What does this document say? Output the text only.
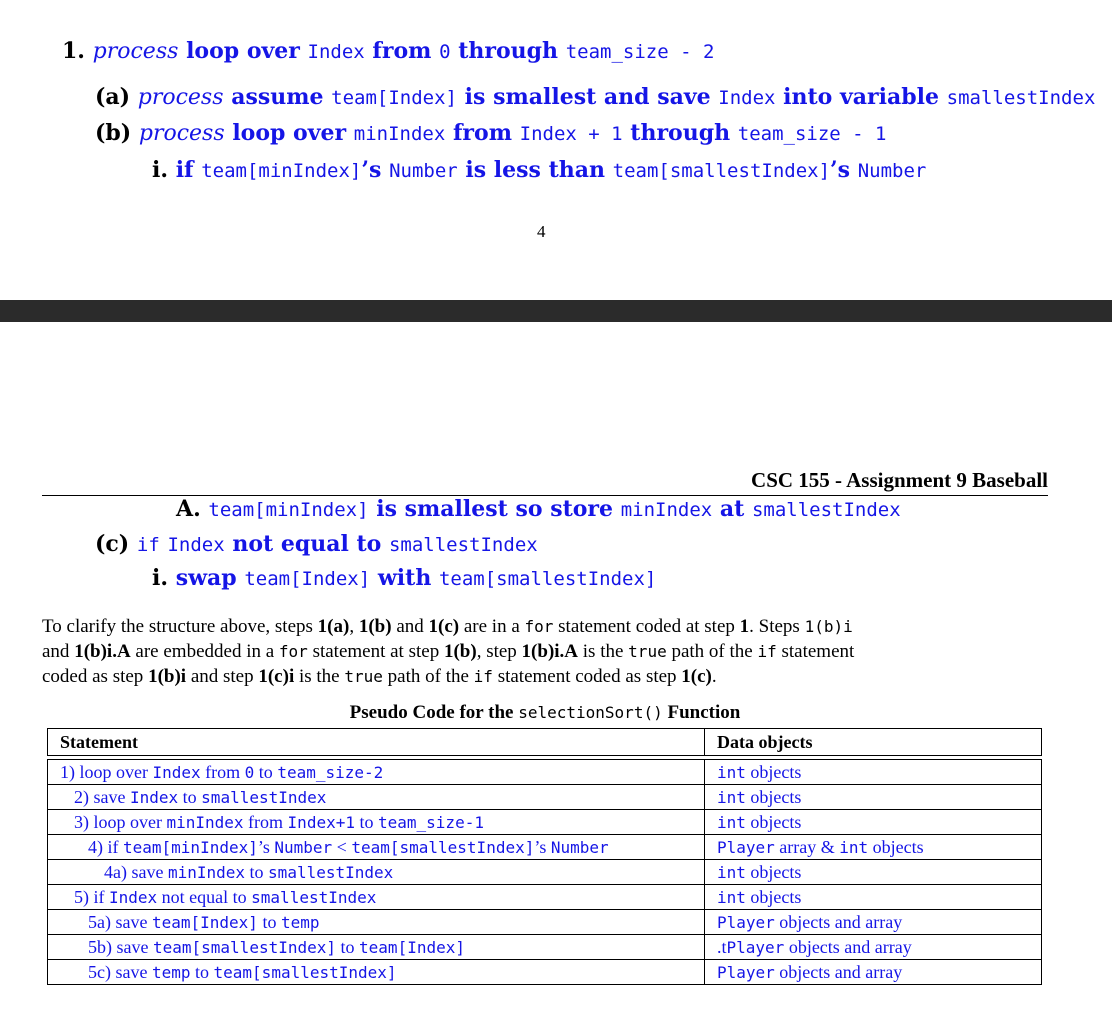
1. process loop over Index from 0 through team_size - 2
(a) process assume team[Index] is smallest and save Index into variable smallestIndex
(b) process loop over minIndex from Index + 1 through team_size - 1
i. if team[minIndex]’s Number is less than team[smallestIndex]’s Number
4
CSC 155 - Assignment 9 Baseball
A. team[minIndex] is smallest so store minIndex at smallestIndex
(c) if Index not equal to smallestIndex
i. swap team[Index] with team[smallestIndex]
To clarify the structure above, steps 1(a), 1(b) and 1(c) are in a for statement coded at step 1. Steps 1(b)i
and 1(b)i.A are embedded in a for statement at step 1(b), step 1(b)i.A is the true path of the if statement
coded as step 1(b)i and step 1(c)i is the true path of the if statement coded as step 1(c).
Pseudo Code for the selectionSort() Function
Statement	Data objects

1) loop over Index from 0 to team_size-2	int objects
2) save Index to smallestIndex	int objects
3) loop over minIndex from Index+1 to team_size-1	int objects
4) if team[minIndex]’s Number < team[smallestIndex]’s Number	Player array & int objects
4a) save minIndex to smallestIndex	int objects
5) if Index not equal to smallestIndex	int objects
5a) save team[Index] to temp	Player objects and array
5b) save team[smallestIndex] to team[Index]	.tPlayer objects and array
5c) save temp to team[smallestIndex]	Player objects and array
